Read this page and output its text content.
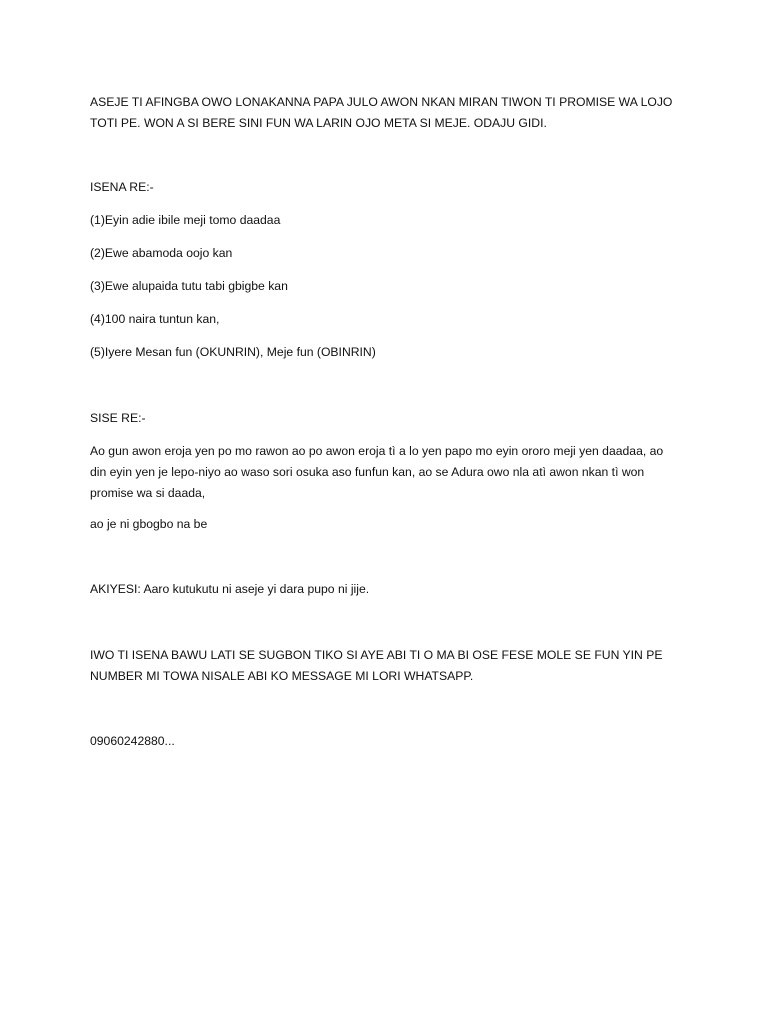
ASEJE TI AFINGBA OWO LONAKANNA PAPA JULO AWON NKAN MIRAN TIWON TI PROMISE WA LOJO TOTI PE. WON A SI BERE SINI FUN WA LARIN OJO META SI MEJE. ODAJU GIDI.

ISENA RE:-

(1)Eyin adie ibile meji tomo daadaa

(2)Ewe abamoda oojo kan

(3)Ewe alupaida tutu tabi gbigbe kan

(4)100 naira tuntun kan,

(5)Iyere Mesan fun (OKUNRIN), Meje fun (OBINRIN)

SISE RE:-

Ao gun awon eroja yen po mo rawon ao po awon eroja tì a lo yen papo mo eyin ororo meji yen daadaa, ao din eyin yen je lepo-niyo ao waso sori osuka aso funfun kan, ao se Adura owo nla atì awon nkan tì won promise wa si daada,

ao je ni gbogbo na be

AKIYESI: Aaro kutukutu ni aseje yi dara pupo ni jije.

IWO TI ISENA BAWU LATI SE SUGBON TIKO SI AYE ABI TI O MA BI OSE FESE MOLE SE FUN YIN PE NUMBER MI TOWA NISALE ABI KO MESSAGE MI LORI WHATSAPP.

09060242880...
